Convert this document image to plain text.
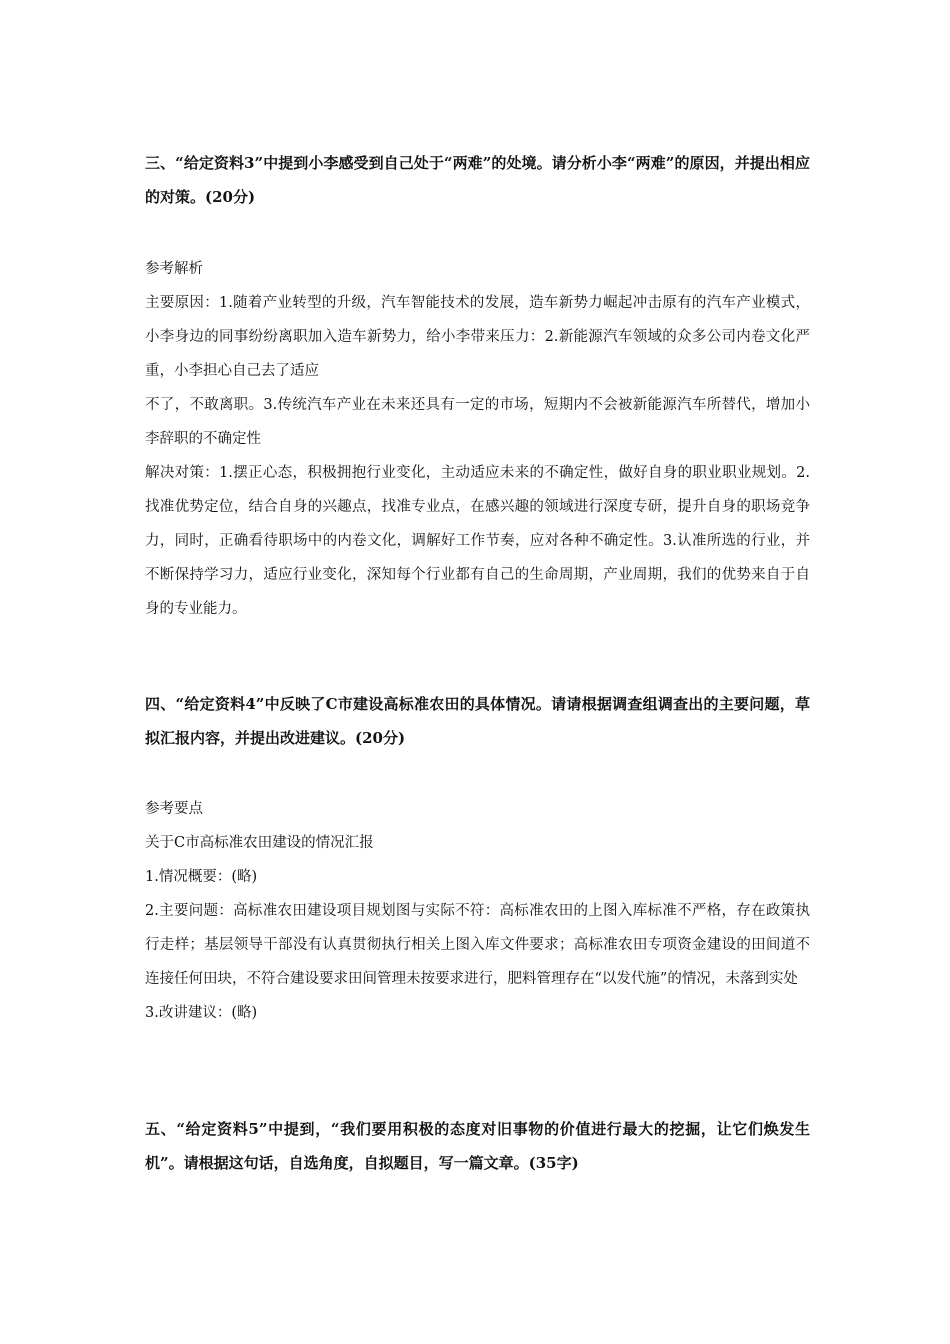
三、“给定资料3”中提到小李感受到自己处于“两难”的处境。请分析小李“两难”的原因，并提出相应的对策。(20分)

参考解析

主要原因：1.随着产业转型的升级，汽车智能技术的发展，造车新势力崛起冲击原有的汽车产业模式，小李身边的同事纷纷离职加入造车新势力，给小李带来压力：2.新能源汽车领域的众多公司内卷文化严重，小李担心自己去了适应

不了，不敢离职。3.传统汽车产业在未来还具有一定的市场，短期内不会被新能源汽车所替代，增加小李辞职的不确定性

解决对策：1.摆正心态，积极拥抱行业变化，主动适应未来的不确定性，做好自身的职业职业规划。2.找准优势定位，结合自身的兴趣点，找准专业点，在感兴趣的领域进行深度专研，提升自身的职场竞争力，同时，正确看待职场中的内卷文化，调解好工作节奏，应对各种不确定性。3.认准所选的行业，并不断保持学习力，适应行业变化，深知每个行业都有自己的生命周期，产业周期，我们的优势来自于自身的专业能力。

四、“给定资料4”中反映了C市建设高标准农田的具体情况。请请根据调查组调查出的主要问题，草拟汇报内容，并提出改进建议。(20分)

参考要点

关于C市高标准农田建设的情况汇报

1.情况概要：(略)

2.主要问题：高标准农田建设项目规划图与实际不符：高标准农田的上图入库标准不严格，存在政策执行走样；基层领导干部没有认真贯彻执行相关上图入库文件要求；高标准农田专项资金建设的田间道不连接任何田块，不符合建设要求田间管理未按要求进行，肥料管理存在“以发代施”的情况，未落到实处

3.改讲建议：(略)

五、“给定资料5”中提到，“我们要用积极的态度对旧事物的价值进行最大的挖掘，让它们焕发生机”。请根据这句话，自选角度，自拟题目，写一篇文章。(35字)
